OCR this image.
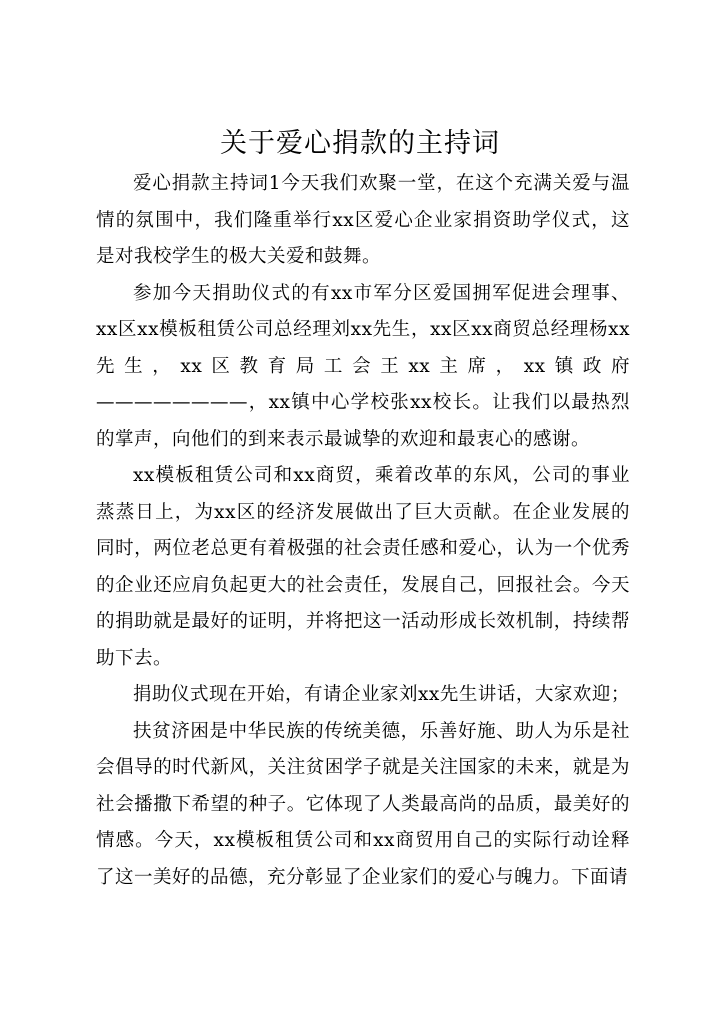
关于爱心捐款的主持词

爱心捐款主持词1今天我们欢聚一堂，在这个充满关爱与温情的氛围中，我们隆重举行xx区爱心企业家捐资助学仪式，这是对我校学生的极大关爱和鼓舞。

参加今天捐助仪式的有xx市军分区爱国拥军促进会理事、xx区xx模板租赁公司总经理刘xx先生，xx区xx商贸总经理杨xx先生，xx区教育局工会王xx主席，xx镇政府————————，xx镇中心学校张xx校长。让我们以最热烈的掌声，向他们的到来表示最诚挚的欢迎和最衷心的感谢。

xx模板租赁公司和xx商贸，乘着改革的东风，公司的事业蒸蒸日上，为xx区的经济发展做出了巨大贡献。在企业发展的同时，两位老总更有着极强的社会责任感和爱心，认为一个优秀的企业还应肩负起更大的社会责任，发展自己，回报社会。今天的捐助就是最好的证明，并将把这一活动形成长效机制，持续帮助下去。

捐助仪式现在开始，有请企业家刘xx先生讲话，大家欢迎；

扶贫济困是中华民族的传统美德，乐善好施、助人为乐是社会倡导的时代新风，关注贫困学子就是关注国家的未来，就是为社会播撒下希望的种子。它体现了人类最高尚的品质，最美好的情感。今天，xx模板租赁公司和xx商贸用自己的实际行动诠释了这一美好的品德，充分彰显了企业家们的爱心与魄力。下面请
